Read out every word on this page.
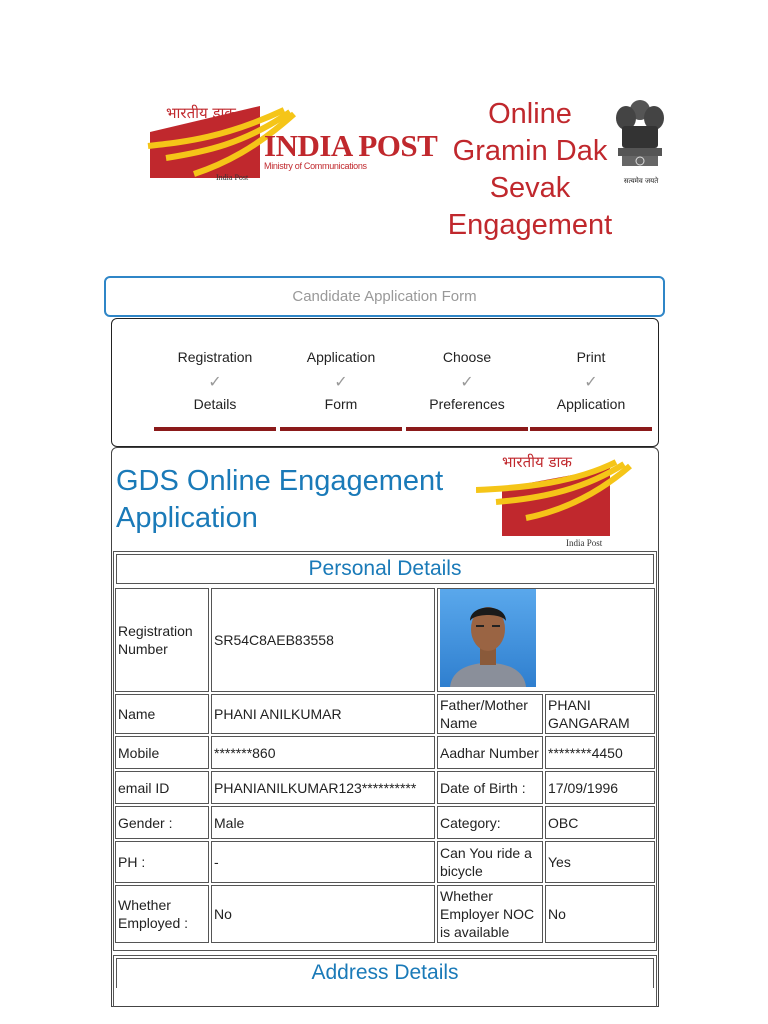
भारतीय डाक
INDIA POST
Ministry of Communications
India Post
Online
Gramin Dak
Sevak
Engagement
सत्यमेव जयते
Candidate Application Form
Registration
✓
Details
Application
✓
Form
Choose
✓
Preferences
Print
✓
Application
GDS Online Engagement
Application
भारतीय डाक
India Post
Personal Details
Registration Number	SR54C8AEB83558	

Name	PHANI ANILKUMAR	Father/Mother Name	PHANI GANGARAM
Mobile	*******860	Aadhar Number	********4450
email ID	PHANIANILKUMAR123**********	Date of Birth :	17/09/1996
Gender :	Male	Category:	OBC
PH :	-	Can You ride a bicycle	Yes
Whether Employed :	No	Whether Employer NOC is available	No
Address Details
